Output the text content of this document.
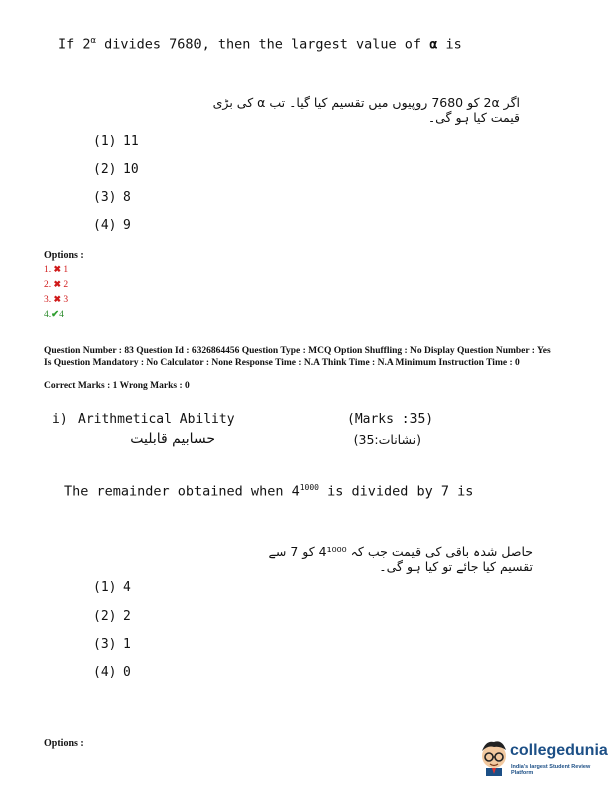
If $2^\alpha$ divides 7680, then the largest value of α is
اگر 2α کو 7680 روپیوں میں تقسیم کیا گیا۔ تب α کی بڑی قیمت کیا ہو گی۔
(1) 11
(2) 10
(3) 8
(4) 9
Options :
1. ✖ 1
2. ✖ 2
3. ✖ 3
4.✔4
Question Number : 83 Question Id : 6326864456 Question Type : MCQ Option Shuffling : No Display Question Number : Yes Is Question Mandatory : No Calculator : None Response Time : N.A Think Time : N.A Minimum Instruction Time : 0
Correct Marks : 1 Wrong Marks : 0
i) Arithmetical Ability	(Marks :35)
حسابیم قابلیت	(نشانات:35)
The remainder obtained when $4^{1000}$ is divided by 7 is
حاصل شدہ باقی کی قیمت جب کہ 4¹⁰⁰⁰ کو 7 سے تقسیم کیا جائے تو کیا ہو گی۔
(1) 4
(2) 2
(3) 1
(4) 0
Options :	collegedunia
India's largest Student Review Platform
